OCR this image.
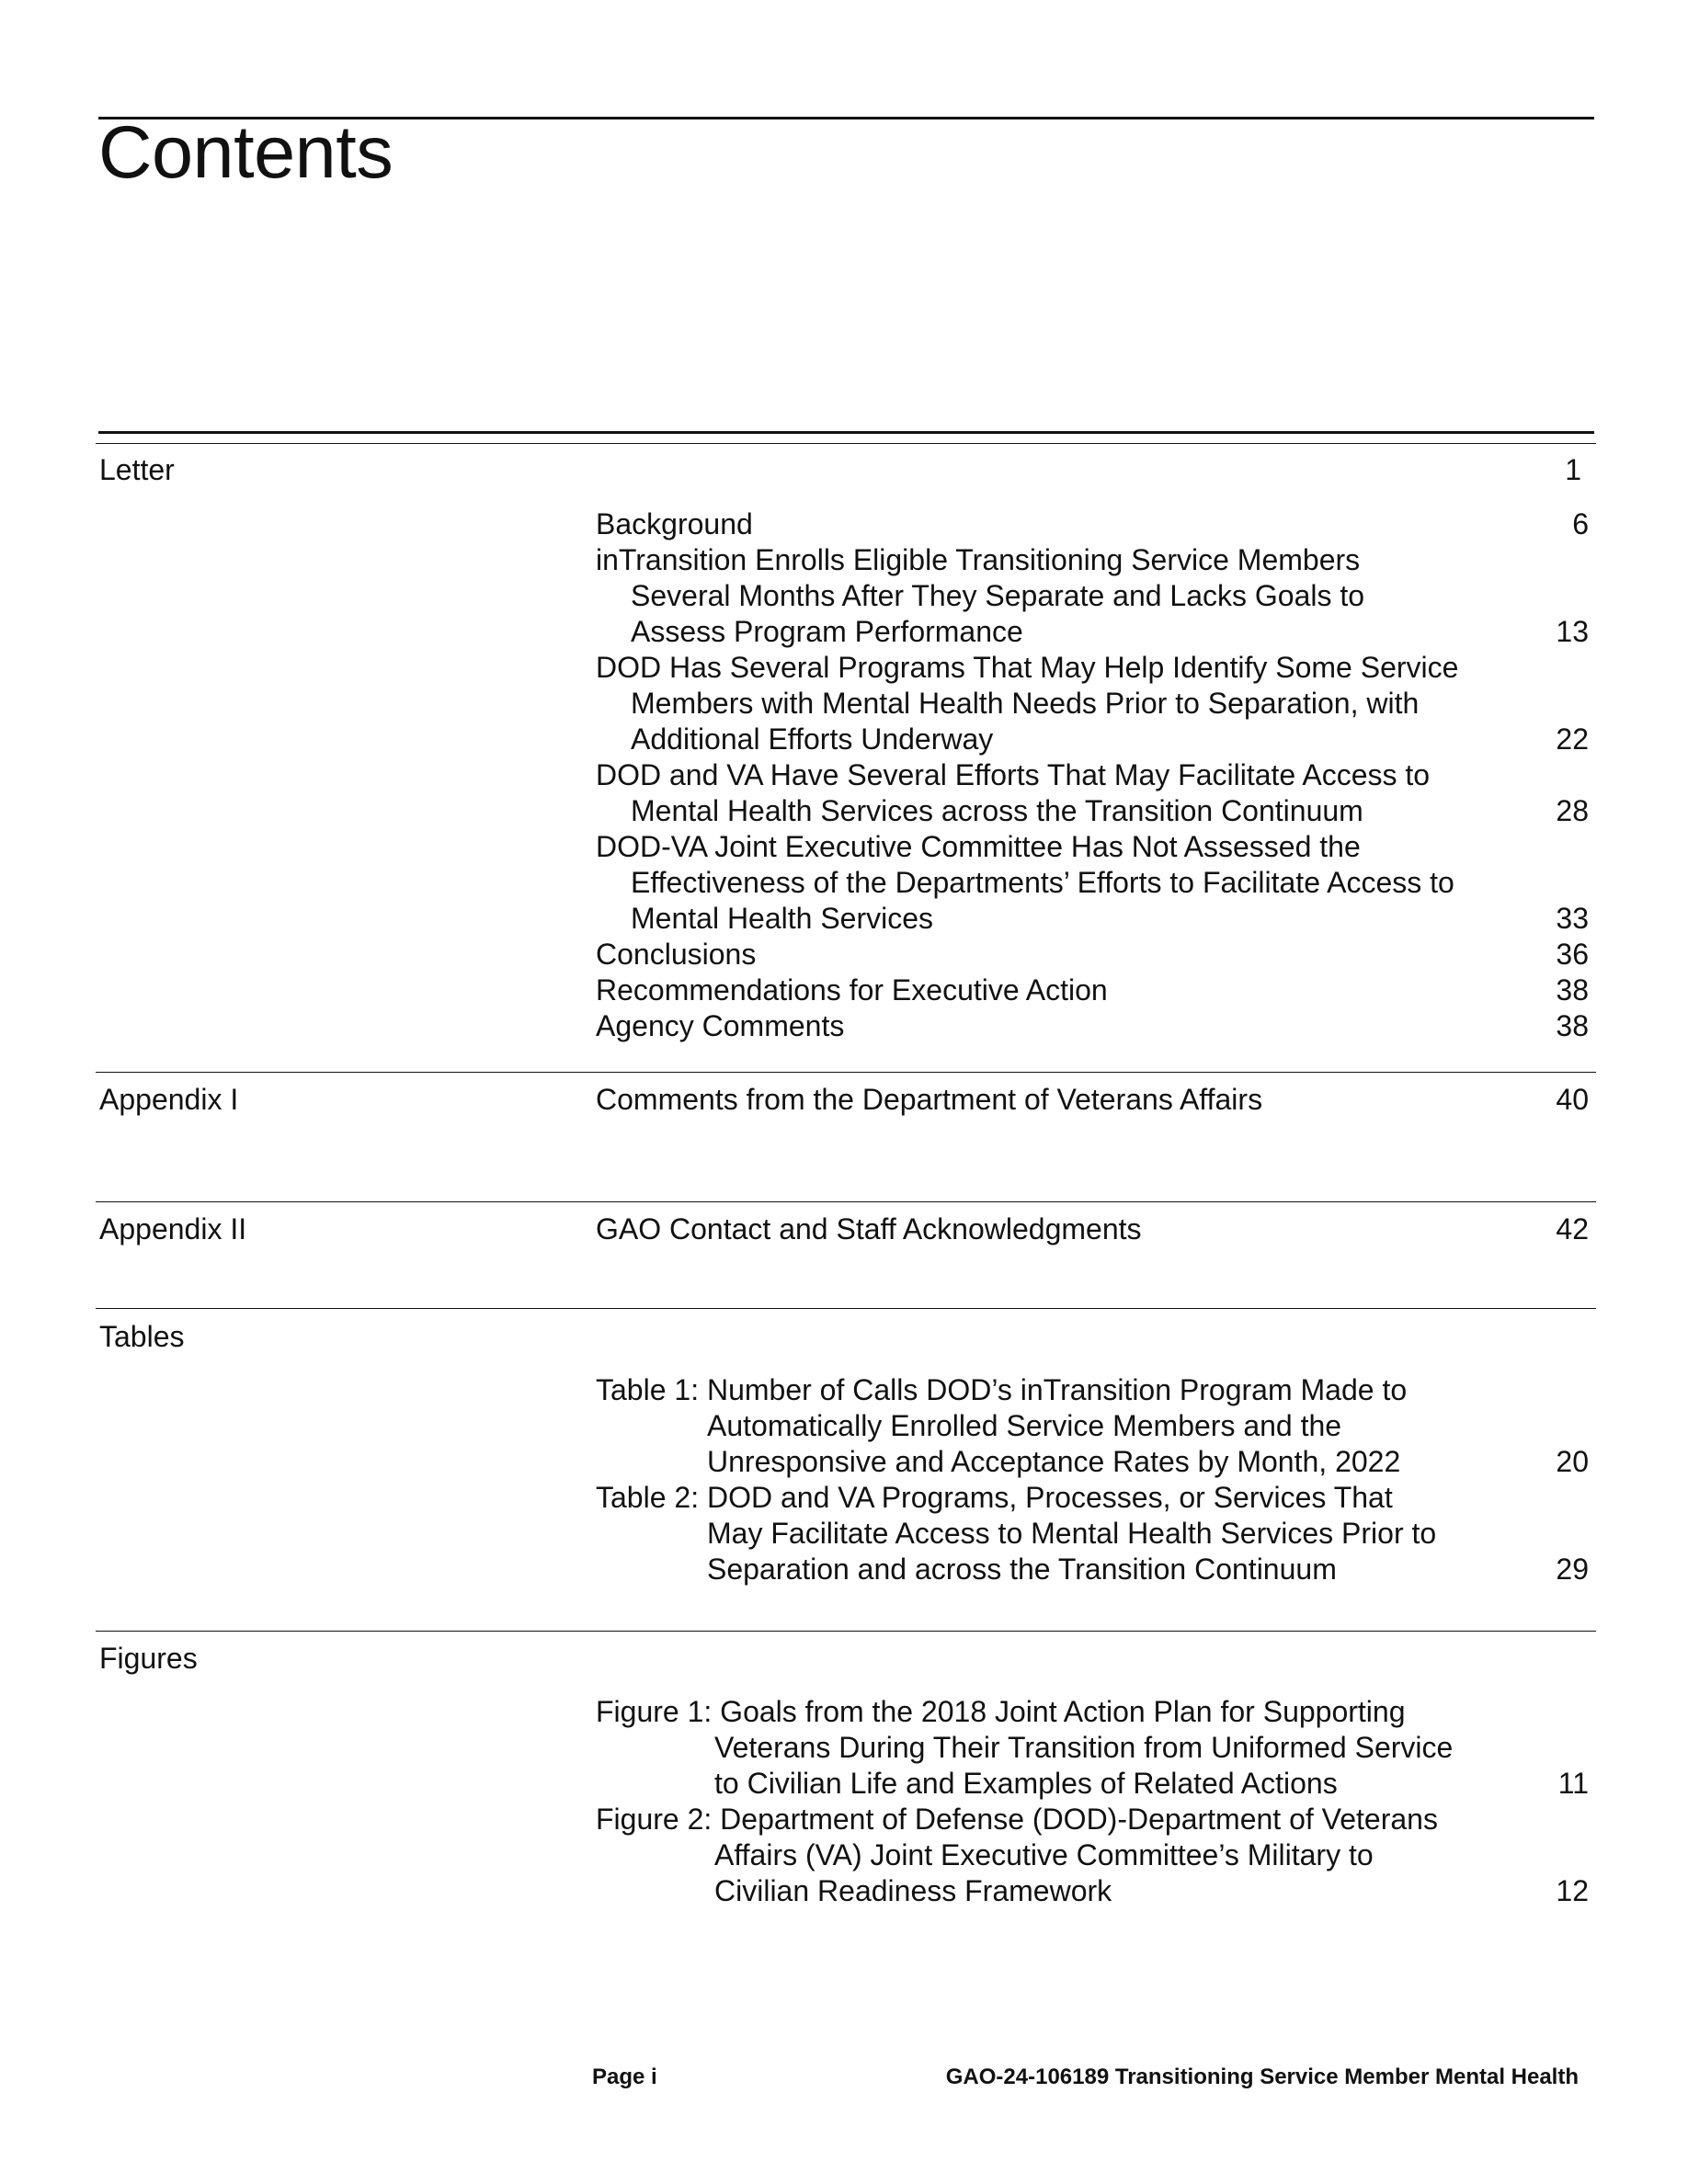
Contents
Letter	1
Background	6
inTransition Enrolls Eligible Transitioning Service Members
Several Months After They Separate and Lacks Goals to
Assess Program Performance	13
DOD Has Several Programs That May Help Identify Some Service
Members with Mental Health Needs Prior to Separation, with
Additional Efforts Underway	22
DOD and VA Have Several Efforts That May Facilitate Access to
Mental Health Services across the Transition Continuum	28
DOD-VA Joint Executive Committee Has Not Assessed the
Effectiveness of the Departments’ Efforts to Facilitate Access to
Mental Health Services	33
Conclusions	36
Recommendations for Executive Action	38
Agency Comments	38
Appendix I	Comments from the Department of Veterans Affairs	40
Appendix II	GAO Contact and Staff Acknowledgments	42
Tables
Table 1: Number of Calls DOD’s inTransition Program Made to
Automatically Enrolled Service Members and the
Unresponsive and Acceptance Rates by Month, 2022	20
Table 2: DOD and VA Programs, Processes, or Services That
May Facilitate Access to Mental Health Services Prior to
Separation and across the Transition Continuum	29
Figures
Figure 1: Goals from the 2018 Joint Action Plan for Supporting
Veterans During Their Transition from Uniformed Service
to Civilian Life and Examples of Related Actions	11
Figure 2: Department of Defense (DOD)-Department of Veterans
Affairs (VA) Joint Executive Committee’s Military to
Civilian Readiness Framework	12
Page i	GAO-24-106189 Transitioning Service Member Mental Health
